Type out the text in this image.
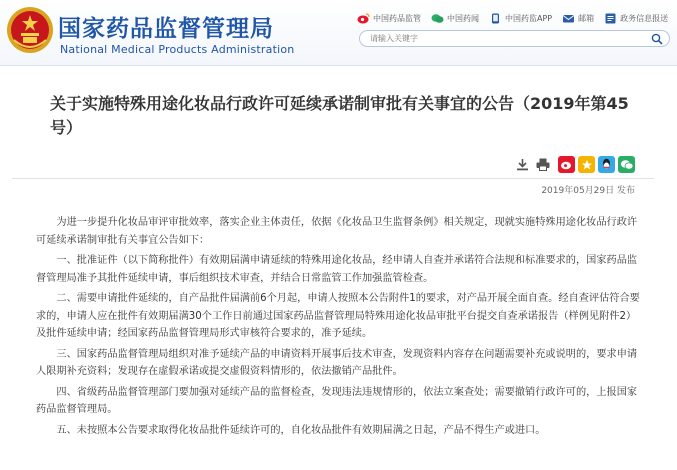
国家药品监督管理局
National Medical Products Administration
中国药品监管	中国药闻	中国药监APP	邮箱	政务信息报送
请输入关键字
关于实施特殊用途化妆品行政许可延续承诺制审批有关事宜的公告（2019年第45号）
2019年05月29日 发布

为进一步提升化妆品审评审批效率，落实企业主体责任，依据《化妆品卫生监督条例》相关规定，现就实施特殊用途化妆品行政许可延续承诺制审批有关事宜公告如下：

一、批准证件（以下简称批件）有效期届满申请延续的特殊用途化妆品，经申请人自查并承诺符合法规和标准要求的，国家药品监督管理局准予其批件延续申请，事后组织技术审查，并结合日常监管工作加强监管检查。

二、需要申请批件延续的，自产品批件届满前6个月起，申请人按照本公告附件1的要求，对产品开展全面自查。经自查评估符合要求的，申请人应在批件有效期届满30个工作日前通过国家药品监督管理局特殊用途化妆品审批平台提交自查承诺报告（样例见附件2）及批件延续申请；经国家药品监督管理局形式审核符合要求的，准予延续。

三、国家药品监督管理局组织对准予延续产品的申请资料开展事后技术审查，发现资料内容存在问题需要补充或说明的，要求申请人限期补充资料；发现存在虚假承诺或提交虚假资料情形的，依法撤销产品批件。

四、省级药品监督管理部门要加强对延续产品的监督检查，发现违法违规情形的，依法立案查处；需要撤销行政许可的，上报国家药品监督管理局。

五、未按照本公告要求取得化妆品批件延续许可的，自化妆品批件有效期届满之日起，产品不得生产或进口。
